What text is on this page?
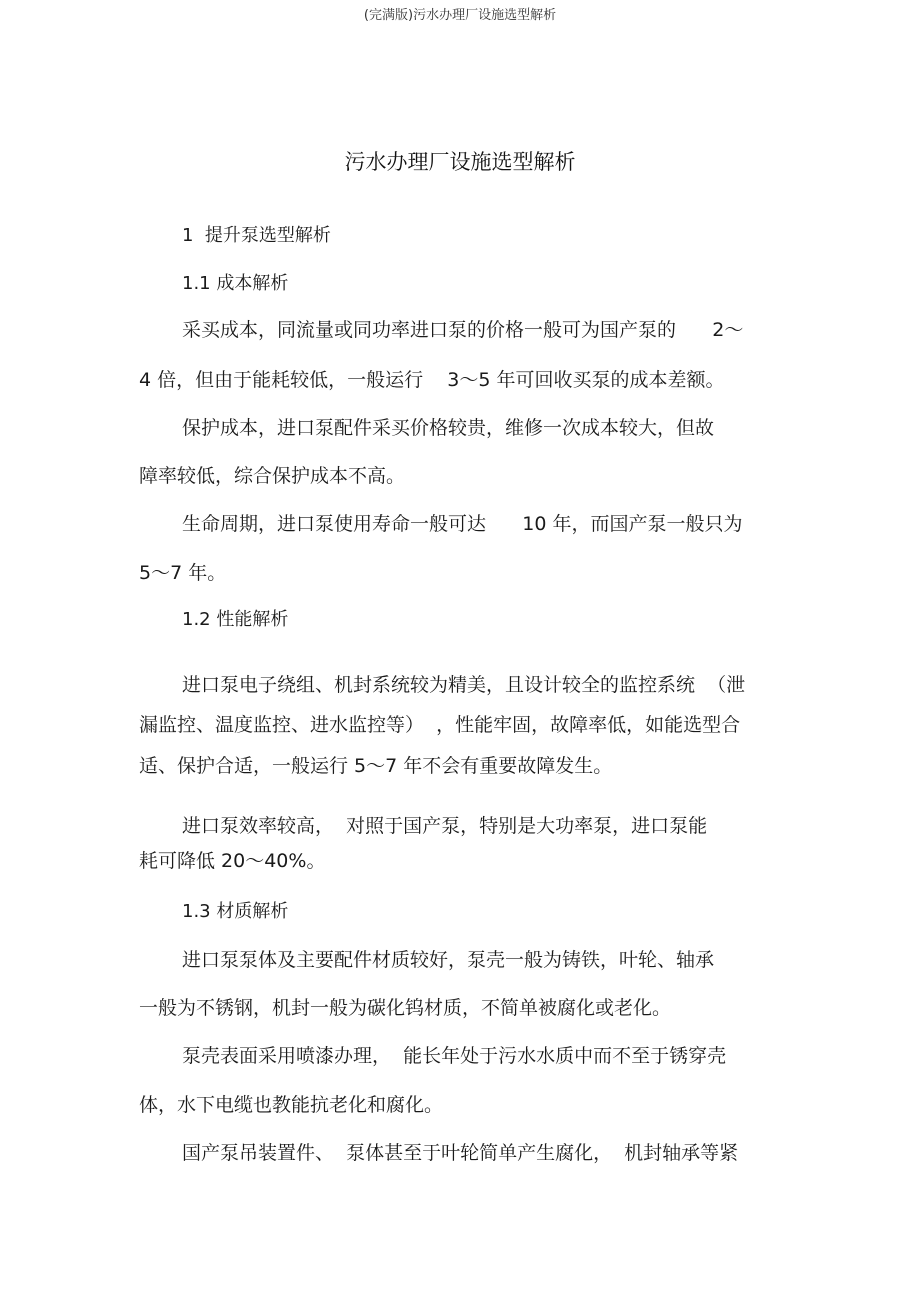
(完满版)污水办理厂设施选型解析
污水办理厂设施选型解析
1  提升泵选型解析
1.1 成本解析
采买成本，同流量或同功率进口泵的价格一般可为国产泵的      2～
4 倍，但由于能耗较低，一般运行    3～5 年可回收买泵的成本差额。
保护成本，进口泵配件采买价格较贵，维修一次成本较大，但故
障率较低，综合保护成本不高。
生命周期，进口泵使用寿命一般可达      10 年，而国产泵一般只为
5～7 年。
1.2 性能解析
进口泵电子绕组、机封系统较为精美，且设计较全的监控系统  （泄
漏监控、温度监控、进水监控等）  ，性能牢固，故障率低，如能选型合
适、保护合适，一般运行 5～7 年不会有重要故障发生。
进口泵效率较高，  对照于国产泵，特别是大功率泵，进口泵能
耗可降低 20～40%。
1.3 材质解析
进口泵泵体及主要配件材质较好，泵壳一般为铸铁，叶轮、轴承
一般为不锈钢，机封一般为碳化钨材质，不简单被腐化或老化。
泵壳表面采用喷漆办理，  能长年处于污水水质中而不至于锈穿壳
体，水下电缆也教能抗老化和腐化。
国产泵吊装置件、  泵体甚至于叶轮简单产生腐化，  机封轴承等紧
